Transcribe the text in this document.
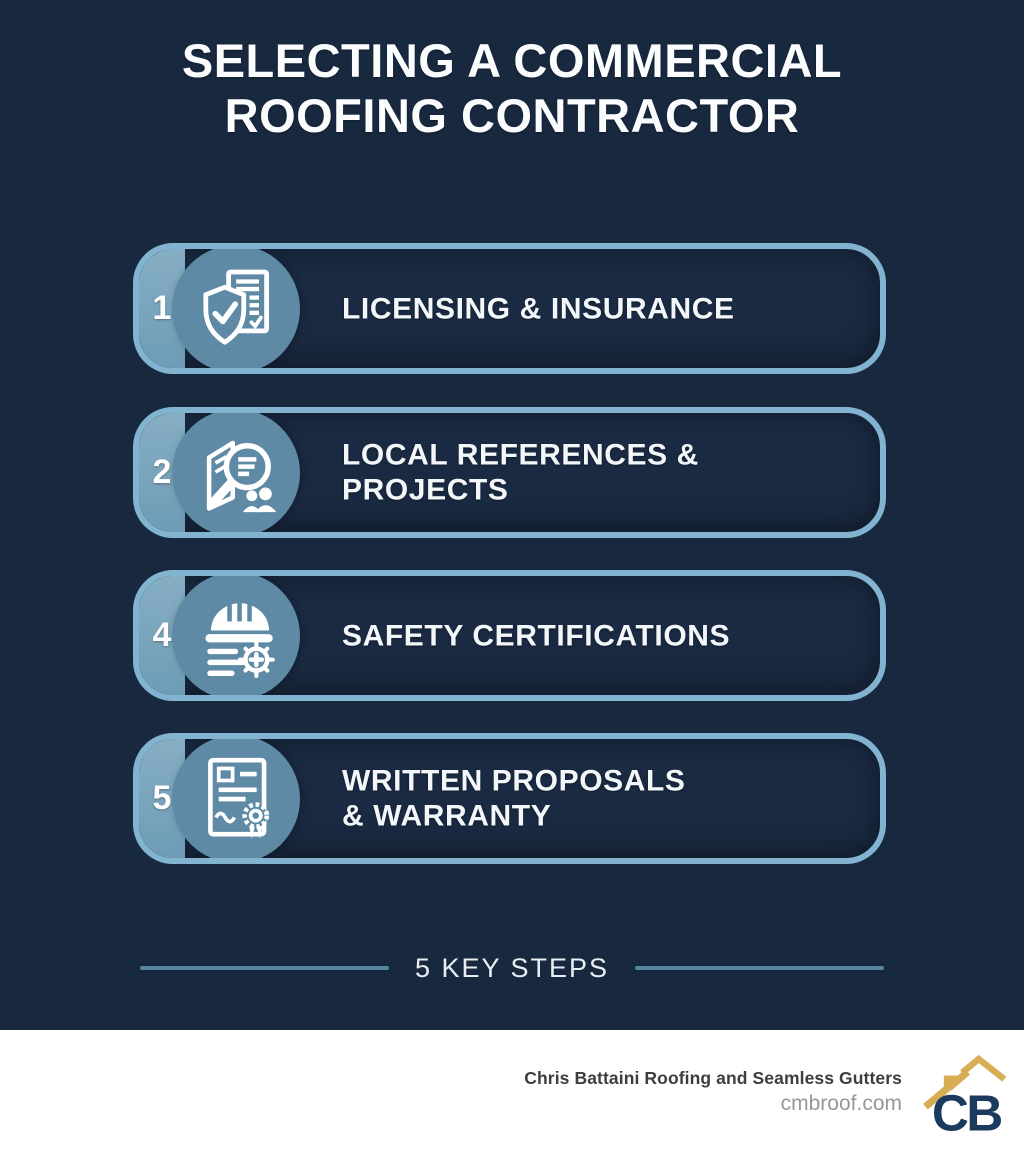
SELECTING A COMMERCIAL
ROOFING CONTRACTOR
1	LICENSING & INSURANCE
2	LOCAL REFERENCES & PROJECTS
4	SAFETY CERTIFICATIONS
5	WRITTEN PROPOSALS
& WARRANTY
5 KEY STEPS
Chris Battaini Roofing and Seamless Gutters
cmbroof.com CB
